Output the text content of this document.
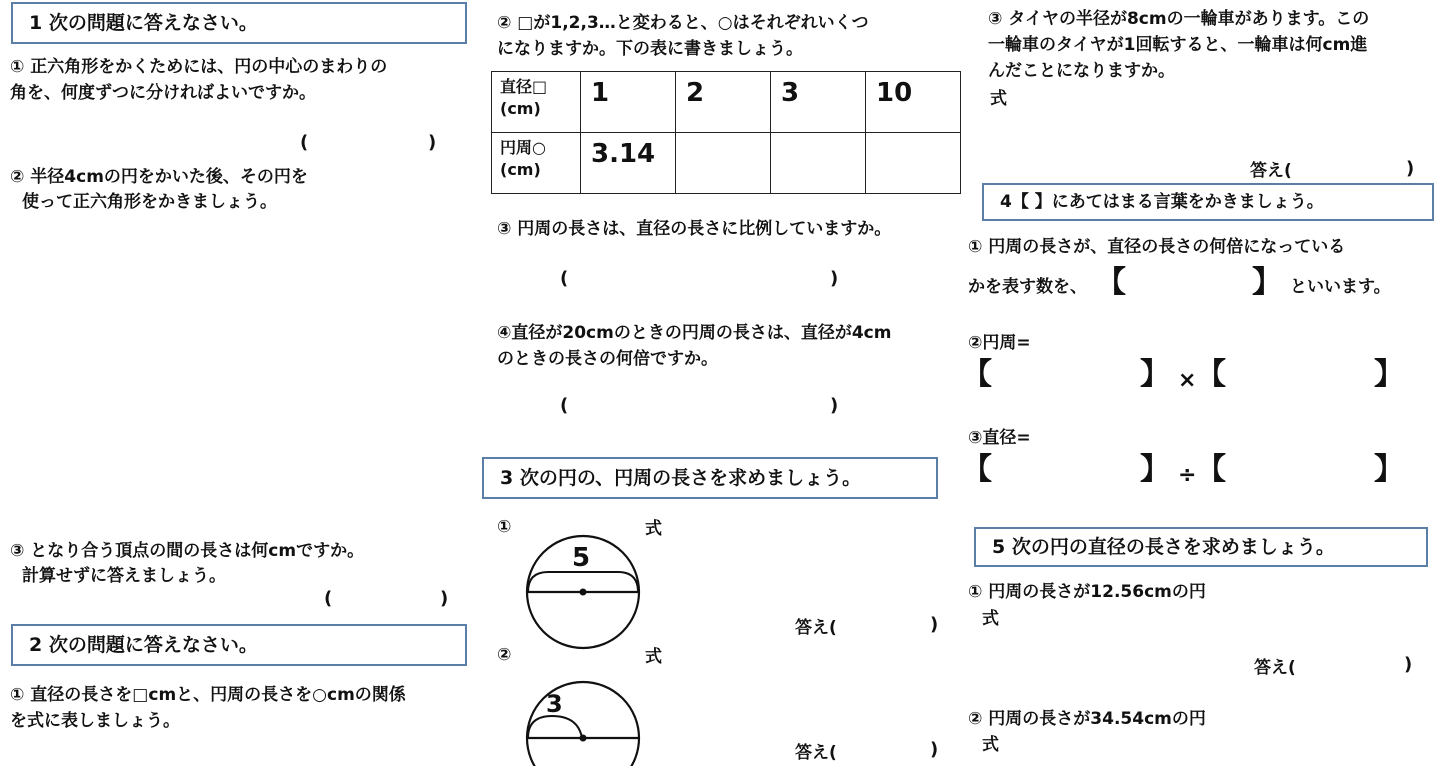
1 次の問題に答えなさい。
① 正六角形をかくためには、円の中心のまわりの
角を、何度ずつに分ければよいですか。
(	)
② 半径4cmの円をかいた後、その円を
使って正六角形をかきましょう。
③ となり合う頂点の間の長さは何cmですか。
計算せずに答えましょう。
(	)
2 次の問題に答えなさい。
① 直径の長さを□cmと、円周の長さを○cmの関係
を式に表しましょう。
② □が1,2,3…と変わると、○はそれぞれいくつ
になりますか。下の表に書きましょう。
直径□
(cm)	1	2	3	10

円周○
(cm)	3.14			
③ 円周の長さは、直径の長さに比例していますか。
(	)
④直径が20cmのときの円周の長さは、直径が4cm
のときの長さの何倍ですか。
(	)
3 次の円の、円周の長さを求めましょう。
①	式
5
答え(	)
②	式
3
答え(	)
③ タイヤの半径が8cmの一輪車があります。この
一輪車のタイヤが1回転すると、一輪車は何cm進
んだことになりますか。
式
答え(	)
4【 】にあてはまる言葉をかきましょう。
① 円周の長さが、直径の長さの何倍になっている
かを表す数を、 【	】 といいます。
②円周=
【	】 × 【	】
③直径=
【	】 ÷ 【	】
5 次の円の直径の長さを求めましょう。
① 円周の長さが12.56cmの円
式
答え(	)
② 円周の長さが34.54cmの円
式
